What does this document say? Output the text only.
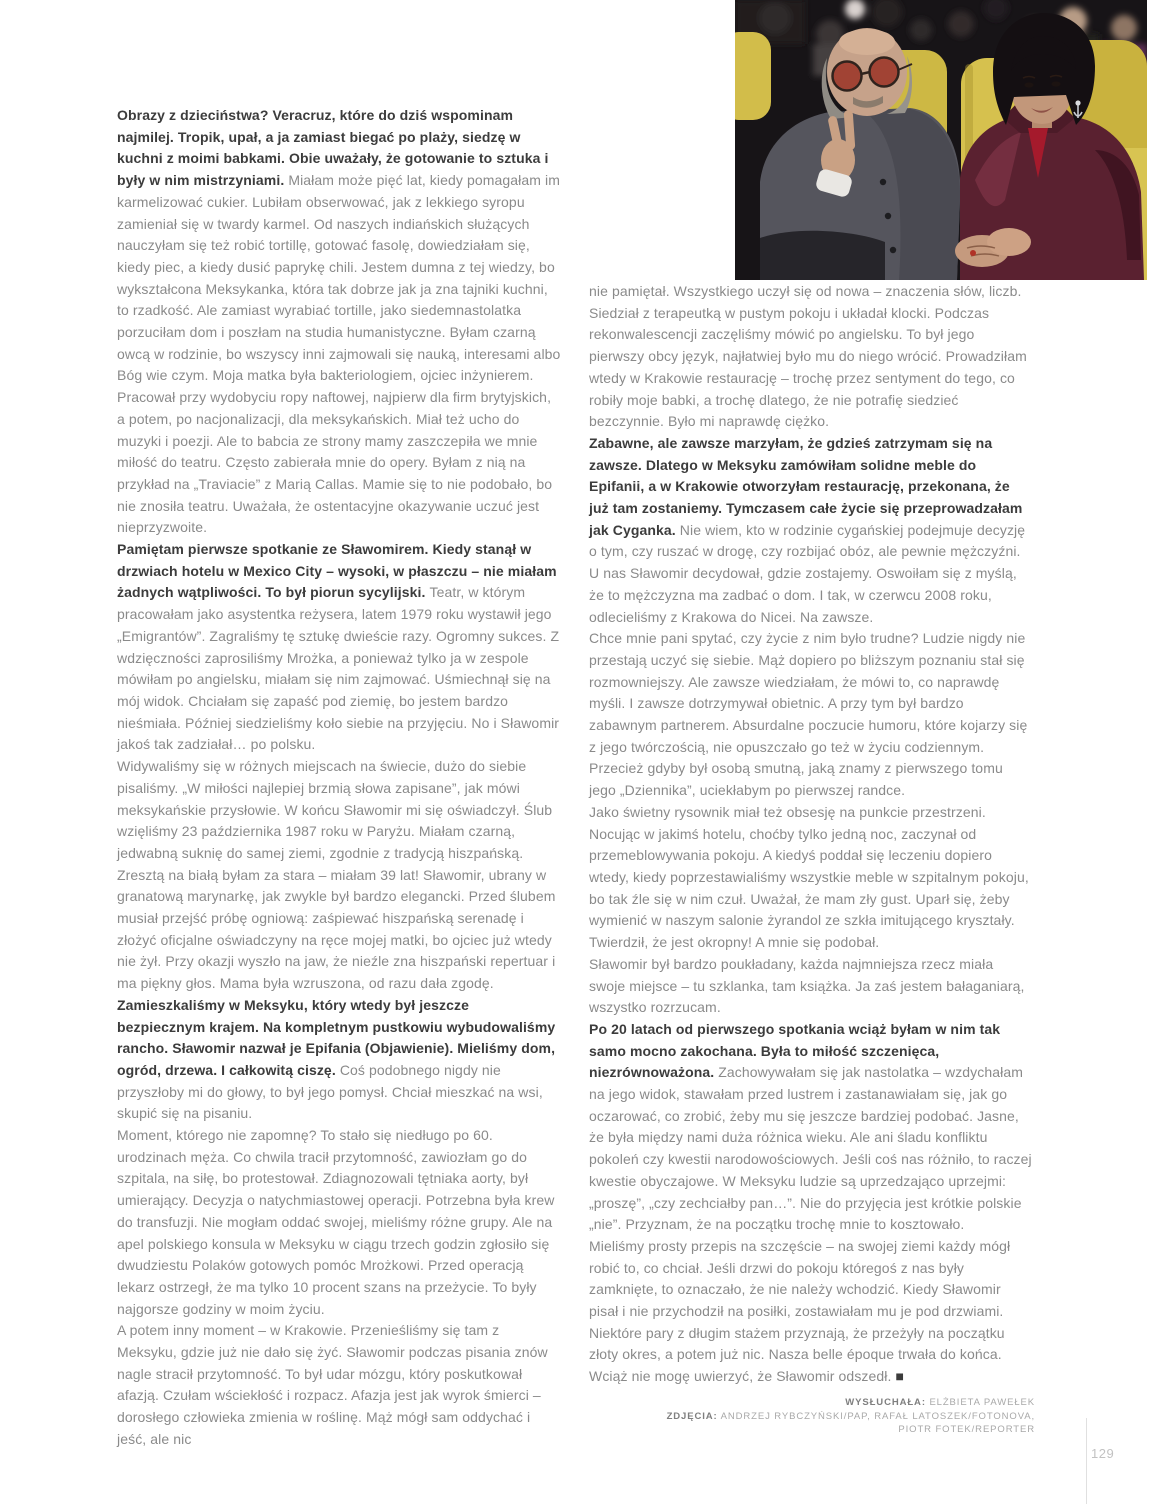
Obrazy z dzieciństwa? Veracruz, które do dziś wspominam najmilej. Tropik, upał, a ja zamiast biegać po plaży, siedzę w kuchni z moimi babkami. Obie uważały, że gotowanie to sztuka i były w nim mistrzyniami. Miałam może pięć lat, kiedy pomagałam im karmelizować cukier. Lubiłam obserwować, jak z lekkiego syropu zamieniał się w twardy karmel. Od naszych indiańskich służących nauczyłam się też robić tortillę, gotować fasolę, dowiedziałam się, kiedy piec, a kiedy dusić paprykę chili. Jestem dumna z tej wiedzy, bo wykształcona Meksykanka, która tak dobrze jak ja zna tajniki kuchni, to rzadkość. Ale zamiast wyrabiać tortille, jako siedemnastolatka porzuciłam dom i poszłam na studia humanistyczne. Byłam czarną owcą w rodzinie, bo wszyscy inni zajmowali się nauką, interesami albo Bóg wie czym. Moja matka była bakteriologiem, ojciec inżynierem. Pracował przy wydobyciu ropy naftowej, najpierw dla firm brytyjskich, a potem, po nacjonalizacji, dla meksykańskich. Miał też ucho do muzyki i poezji. Ale to babcia ze strony mamy zaszczepiła we mnie miłość do teatru. Często zabierała mnie do opery. Byłam z nią na przykład na „Traviacie” z Marią Callas. Mamie się to nie podobało, bo nie znosiła teatru. Uważała, że ostentacyjne okazywanie uczuć jest nieprzyzwoite.

Pamiętam pierwsze spotkanie ze Sławomirem. Kiedy stanął w drzwiach hotelu w Mexico City – wysoki, w płaszczu – nie miałam żadnych wątpliwości. To był piorun sycylijski. Teatr, w którym pracowałam jako asystentka reżysera, latem 1979 roku wystawił jego „Emigrantów”. Zagraliśmy tę sztukę dwieście razy. Ogromny sukces. Z wdzięczności zaprosiliśmy Mrożka, a ponieważ tylko ja w zespole mówiłam po angielsku, miałam się nim zajmować. Uśmiechnął się na mój widok. Chciałam się zapaść pod ziemię, bo jestem bardzo nieśmiała. Później siedzieliśmy koło siebie na przyjęciu. No i Sławomir jakoś tak zadziałał… po polsku.

Widywaliśmy się w różnych miejscach na świecie, dużo do siebie pisaliśmy. „W miłości najlepiej brzmią słowa zapisane”, jak mówi meksykańskie przysłowie. W końcu Sławomir mi się oświadczył. Ślub wzięliśmy 23 października 1987 roku w Paryżu. Miałam czarną, jedwabną suknię do samej ziemi, zgodnie z tradycją hiszpańską. Zresztą na białą byłam za stara – miałam 39 lat! Sławomir, ubrany w granatową marynarkę, jak zwykle był bardzo elegancki. Przed ślubem musiał przejść próbę ogniową: zaśpiewać hiszpańską serenadę i złożyć oficjalne oświadczyny na ręce mojej matki, bo ojciec już wtedy nie żył. Przy okazji wyszło na jaw, że nieźle zna hiszpański repertuar i ma piękny głos. Mama była wzruszona, od razu dała zgodę.

Zamieszkaliśmy w Meksyku, który wtedy był jeszcze bezpiecznym krajem. Na kompletnym pustkowiu wybudowaliśmy rancho. Sławomir nazwał je Epifania (Objawienie). Mieliśmy dom, ogród, drzewa. I całkowitą ciszę. Coś podobnego nigdy nie przyszłoby mi do głowy, to był jego pomysł. Chciał mieszkać na wsi, skupić się na pisaniu.

Moment, którego nie zapomnę? To stało się niedługo po 60. urodzinach męża. Co chwila tracił przytomność, zawiozłam go do szpitala, na siłę, bo protestował. Zdiagnozowali tętniaka aorty, był umierający. Decyzja o natychmiastowej operacji. Potrzebna była krew do transfuzji. Nie mogłam oddać swojej, mieliśmy różne grupy. Ale na apel polskiego konsula w Meksyku w ciągu trzech godzin zgłosiło się dwudziestu Polaków gotowych pomóc Mrożkowi. Przed operacją lekarz ostrzegł, że ma tylko 10 procent szans na przeżycie. To były najgorsze godziny w moim życiu.

A potem inny moment – w Krakowie. Przenieśliśmy się tam z Meksyku, gdzie już nie dało się żyć. Sławomir podczas pisania znów nagle stracił przytomność. To był udar mózgu, który poskutkował afazją. Czułam wściekłość i rozpacz. Afazja jest jak wyrok śmierci – dorosłego człowieka zmienia w roślinę. Mąż mógł sam oddychać i jeść, ale nic

nie pamiętał. Wszystkiego uczył się od nowa – znaczenia słów, liczb. Siedział z terapeutką w pustym pokoju i układał klocki. Podczas rekonwalescencji zaczęliśmy mówić po angielsku. To był jego pierwszy obcy język, najłatwiej było mu do niego wrócić. Prowadziłam wtedy w Krakowie restaurację – trochę przez sentyment do tego, co robiły moje babki, a trochę dlatego, że nie potrafię siedzieć bezczynnie. Było mi naprawdę ciężko.

Zabawne, ale zawsze marzyłam, że gdzieś zatrzymam się na zawsze. Dlatego w Meksyku zamówiłam solidne meble do Epifanii, a w Krakowie otworzyłam restaurację, przekonana, że już tam zostaniemy. Tymczasem całe życie się przeprowadzałam jak Cyganka. Nie wiem, kto w rodzinie cygańskiej podejmuje decyzję o tym, czy ruszać w drogę, czy rozbijać obóz, ale pewnie mężczyźni. U nas Sławomir decydował, gdzie zostajemy. Oswoiłam się z myślą, że to mężczyzna ma zadbać o dom. I tak, w czerwcu 2008 roku, odlecieliśmy z Krakowa do Nicei. Na zawsze.

Chce mnie pani spytać, czy życie z nim było trudne? Ludzie nigdy nie przestają uczyć się siebie. Mąż dopiero po bliższym poznaniu stał się rozmowniejszy. Ale zawsze wiedziałam, że mówi to, co naprawdę myśli. I zawsze dotrzymywał obietnic. A przy tym był bardzo zabawnym partnerem. Absurdalne poczucie humoru, które kojarzy się z jego twórczością, nie opuszczało go też w życiu codziennym. Przecież gdyby był osobą smutną, jaką znamy z pierwszego tomu jego „Dziennika”, uciekłabym po pierwszej randce.

Jako świetny rysownik miał też obsesję na punkcie przestrzeni. Nocując w jakimś hotelu, choćby tylko jedną noc, zaczynał od przemeblowywania pokoju. A kiedyś poddał się leczeniu dopiero wtedy, kiedy poprzestawialiśmy wszystkie meble w szpitalnym pokoju, bo tak źle się w nim czuł. Uważał, że mam zły gust. Uparł się, żeby wymienić w naszym salonie żyrandol ze szkła imitującego kryształy. Twierdził, że jest okropny! A mnie się podobał.

Sławomir był bardzo poukładany, każda najmniejsza rzecz miała swoje miejsce – tu szklanka, tam książka. Ja zaś jestem bałaganiarą, wszystko rozrzucam.

Po 20 latach od pierwszego spotkania wciąż byłam w nim tak samo mocno zakochana. Była to miłość szczenięca, niezrównoważona. Zachowywałam się jak nastolatka – wzdychałam na jego widok, stawałam przed lustrem i zastanawiałam się, jak go oczarować, co zrobić, żeby mu się jeszcze bardziej podobać. Jasne, że była między nami duża różnica wieku. Ale ani śladu konfliktu pokoleń czy kwestii narodowościowych. Jeśli coś nas różniło, to raczej kwestie obyczajowe. W Meksyku ludzie są uprzedzająco uprzejmi: „proszę”, „czy zechciałby pan…”. Nie do przyjęcia jest krótkie polskie „nie”. Przyznam, że na początku trochę mnie to kosztowało.

Mieliśmy prosty przepis na szczęście – na swojej ziemi każdy mógł robić to, co chciał. Jeśli drzwi do pokoju któregoś z nas były zamknięte, to oznaczało, że nie należy wchodzić. Kiedy Sławomir pisał i nie przychodził na posiłki, zostawiałam mu je pod drzwiami. Niektóre pary z długim stażem przyznają, że przeżyły na początku złoty okres, a potem już nic. Nasza belle époque trwała do końca. Wciąż nie mogę uwierzyć, że Sławomir odszedł. ■

WYSŁUCHAŁA: ELŻBIETA PAWEŁEK
ZDJĘCIA: ANDRZEJ RYBCZYŃSKI/PAP, RAFAŁ LATOSZEK/FOTONOVA,
PIOTR FOTEK/REPORTER
129
